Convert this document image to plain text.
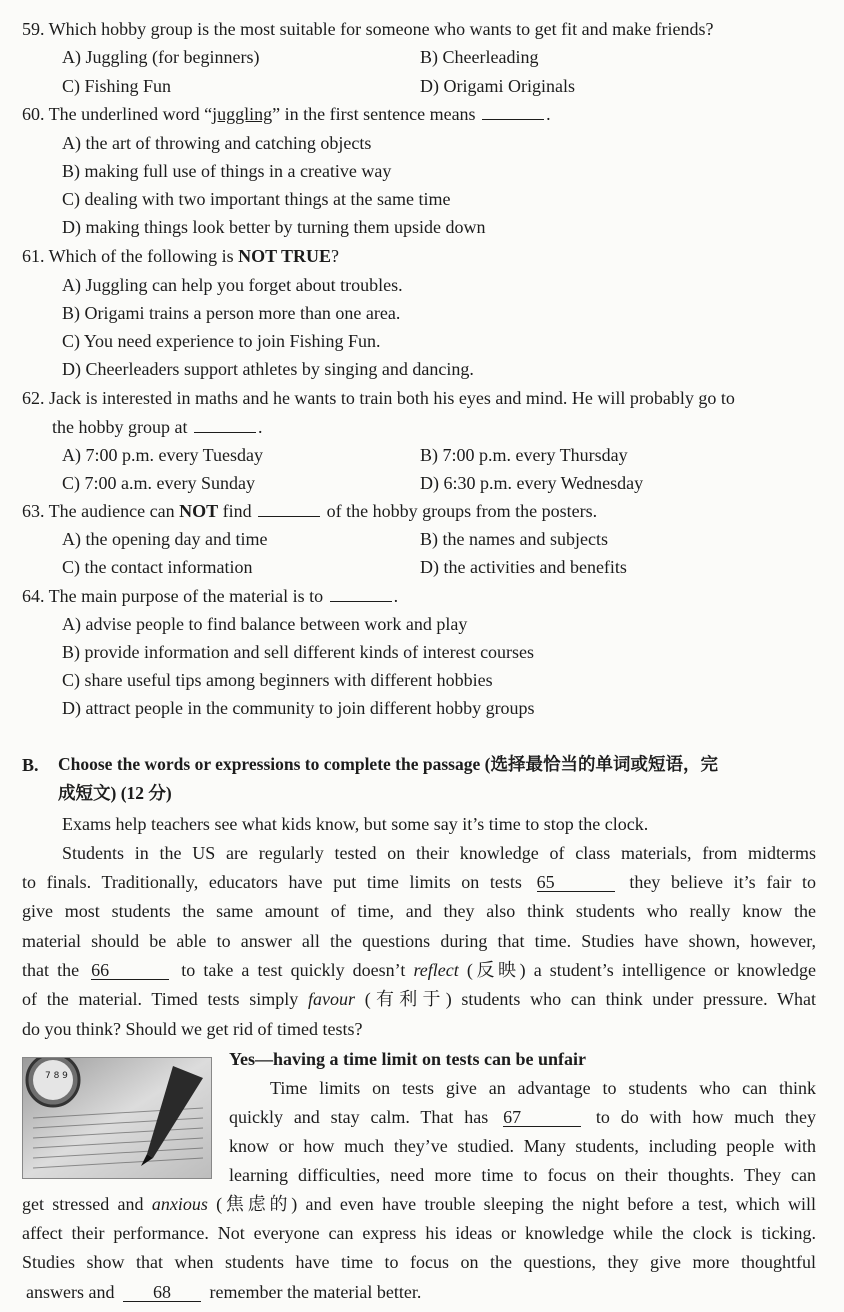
59. Which hobby group is the most suitable for someone who wants to get fit and make friends?
A) Juggling (for beginners)	B) Cheerleading
C) Fishing Fun	D) Origami Originals
60. The underlined word “juggling” in the first sentence means	.
A) the art of throwing and catching objects
B) making full use of things in a creative way
C) dealing with two important things at the same time
D) making things look better by turning them upside down
61. Which of the following is NOT TRUE?
A) Juggling can help you forget about troubles.
B) Origami trains a person more than one area.
C) You need experience to join Fishing Fun.
D) Cheerleaders support athletes by singing and dancing.
62. Jack is interested in maths and he wants to train both his eyes and mind. He will probably go to
the hobby group at	.
A) 7:00 p.m. every Tuesday	B) 7:00 p.m. every Thursday
C) 7:00 a.m. every Sunday	D) 6:30 p.m. every Wednesday
63. The audience can NOT find	of the hobby groups from the posters.
A) the opening day and time	B) the names and subjects
C) the contact information	D) the activities and benefits
64. The main purpose of the material is to	.
A) advise people to find balance between work and play
B) provide information and sell different kinds of interest courses
C) share useful tips among beginners with different hobbies
D) attract people in the community to join different hobby groups
B. Choose the words or expressions to complete the passage (选择最恰当的单词或短语，完
成短文) (12 分)
Exams help teachers see what kids know, but some say it’s time to stop the clock.
Students in the US are regularly tested on their knowledge of class materials, from midterms
to finals. Traditionally, educators have put time limits on tests 65	they believe it’s fair to
give most students the same amount of time, and they also think students who really know the
material should be able to answer all the questions during that time. Studies have shown, however,
that the 66	to take a test quickly doesn’t reflect (反映) a student’s intelligence or knowledge
of the material. Timed tests simply favour (有利于) students who can think under pressure. What
do you think? Should we get rid of timed tests?
7 8 9
Yes—having a time limit on tests can be unfair
Time limits on tests give an advantage to students who can think
quickly and stay calm. That has 67	to do with how much they
know or how much they’ve studied. Many students, including people with
learning difficulties, need more time to focus on their thoughts. They can
get stressed and anxious (焦虑的) and even have trouble sleeping the night before a test, which will
affect their performance. Not everyone can express his ideas or knowledge while the clock is ticking.
Studies show that when students have time to focus on the questions, they give more thoughtful
answers and 68 remember the material better.
